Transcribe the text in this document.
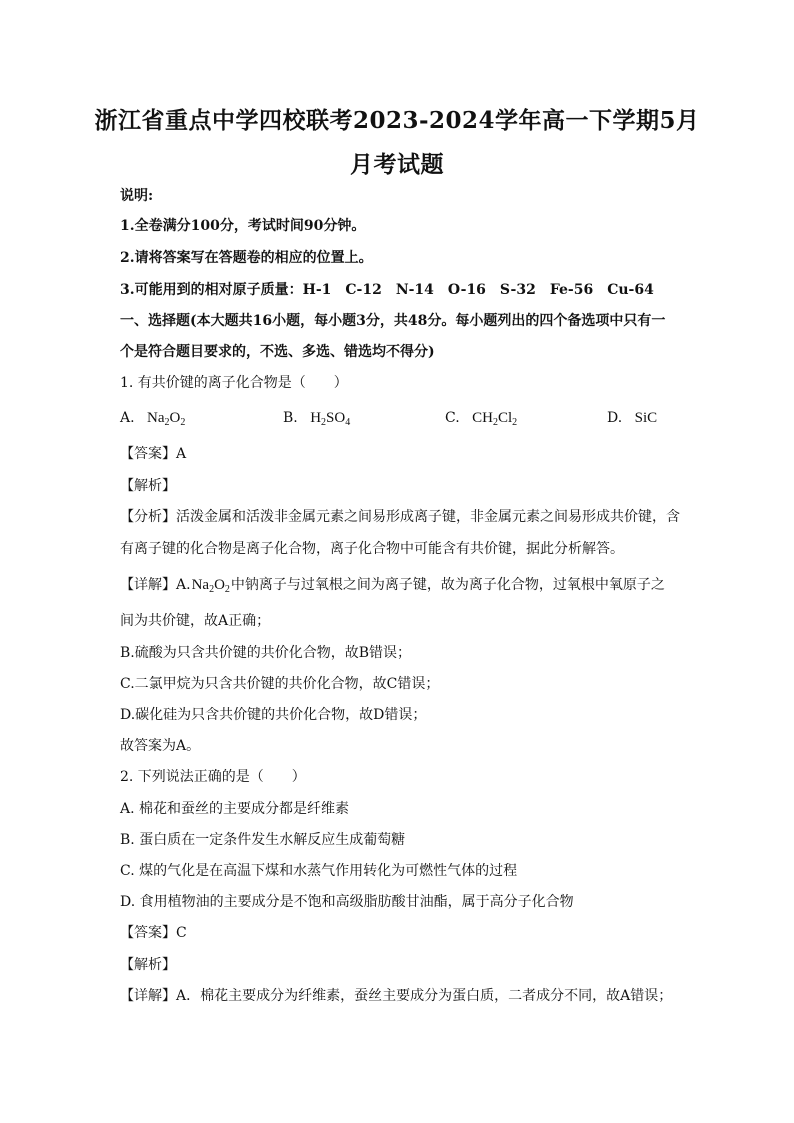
浙江省重点中学四校联考2023-2024学年高一下学期5月
月考试题
说明:
1.全卷满分100分，考试时间90分钟。
2.请将答案写在答题卷的相应的位置上。
3.可能用到的相对原子质量：H-1　C-12　N-14　O-16　S-32　Fe-56　Cu-64
一、选择题(本大题共16小题，每小题3分，共48分。每小题列出的四个备选项中只有一
个是符合题目要求的，不选、多选、错选均不得分)
1. 有共价键的离子化合物是（　　）
A. $Na_2O_2$	B. $H_2SO_4$	C. $CH_2Cl_2$	D. SiC
【答案】A
【解析】
【分析】活泼金属和活泼非金属元素之间易形成离子键，非金属元素之间易形成共价键，含
有离子键的化合物是离子化合物，离子化合物中可能含有共价键，据此分析解答。
【详解】$A.Na_2O_2$中钠离子与过氧根之间为离子键，故为离子化合物，过氧根中氧原子之
间为共价键，故A正确；
B.硫酸为只含共价键的共价化合物，故B错误；
C.二氯甲烷为只含共价键的共价化合物，故C错误；
D.碳化硅为只含共价键的共价化合物，故D错误；
故答案为A。
2. 下列说法正确的是（　　）
A. 棉花和蚕丝的主要成分都是纤维素
B. 蛋白质在一定条件发生水解反应生成葡萄糖
C. 煤的气化是在高温下煤和水蒸气作用转化为可燃性气体的过程
D. 食用植物油的主要成分是不饱和高级脂肪酸甘油酯，属于高分子化合物
【答案】C
【解析】
【详解】A．棉花主要成分为纤维素，蚕丝主要成分为蛋白质，二者成分不同，故A错误；
